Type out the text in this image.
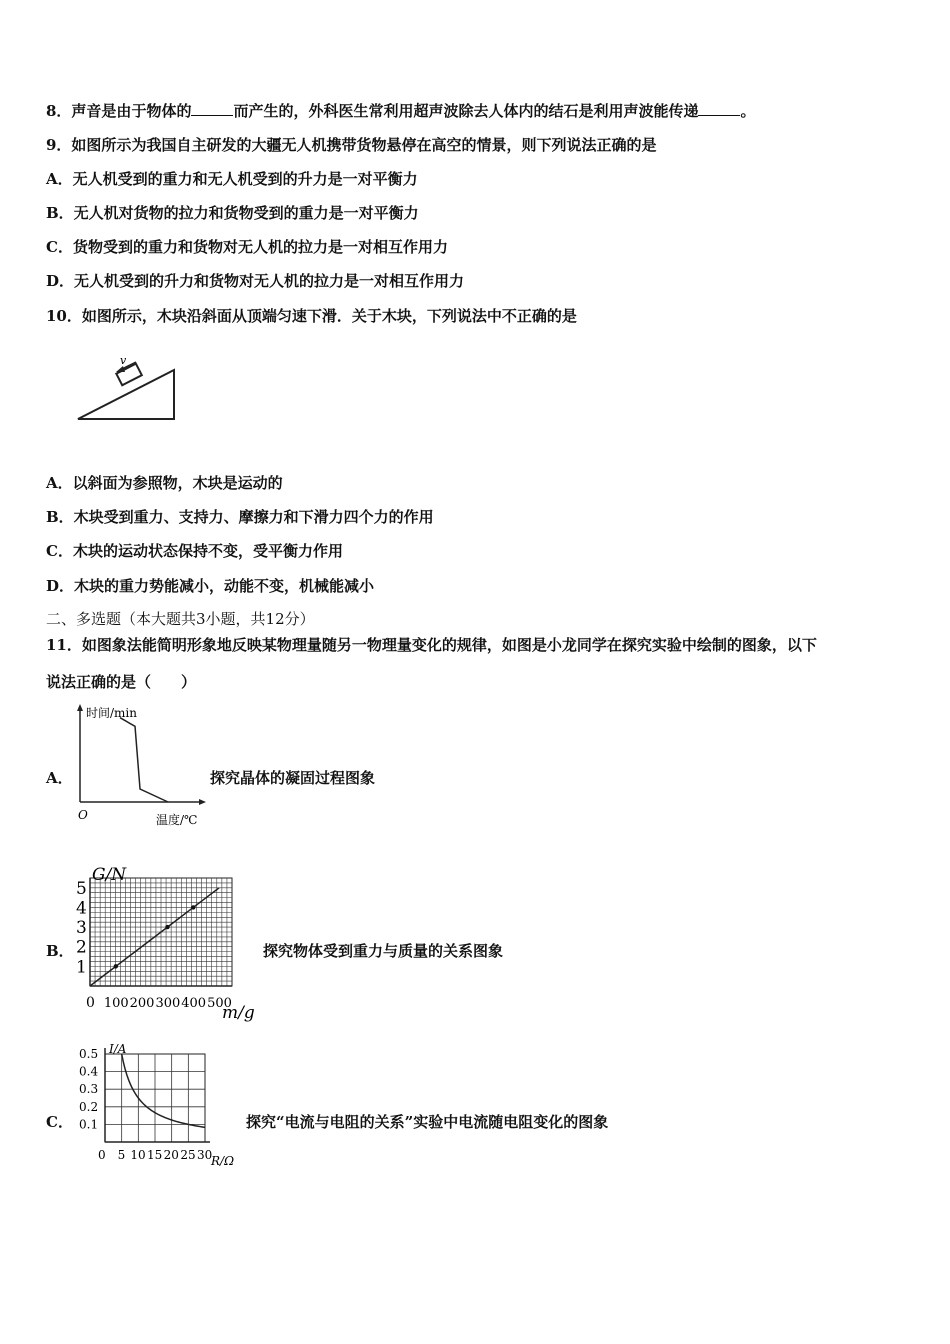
8．声音是由于物体的	而产生的，外科医生常利用超声波除去人体内的结石是利用声波能传递	。
9．如图所示为我国自主研发的大疆无人机携带货物悬停在高空的情景，则下列说法正确的是
A．无人机受到的重力和无人机受到的升力是一对平衡力
B．无人机对货物的拉力和货物受到的重力是一对平衡力
C．货物受到的重力和货物对无人机的拉力是一对相互作用力
D．无人机受到的升力和货物对无人机的拉力是一对相互作用力
10．如图所示，木块沿斜面从顶端匀速下滑．关于木块，下列说法中不正确的是
v
A．以斜面为参照物，木块是运动的
B．木块受到重力、支持力、摩擦力和下滑力四个力的作用
C．木块的运动状态保持不变，受平衡力作用
D．木块的重力势能减小，动能不变，机械能减小
二、多选题（本大题共3小题，共12分）
11．如图象法能简明形象地反映某物理量随另一物理量变化的规律，如图是小龙同学在探究实验中绘制的图象，以下
说法正确的是（　　）
A．
时间/min
温度/℃
O
探究晶体的凝固过程图象
B．
G/N
m/g
0 100 200 300 400 500
1
2
3
4
5
探究物体受到重力与质量的关系图象
C．
I/A
R/Ω
0 5 10 15 20 25 30
0.1
0.2
0.3
0.4
0.5
探究“电流与电阻的关系”实验中电流随电阻变化的图象
